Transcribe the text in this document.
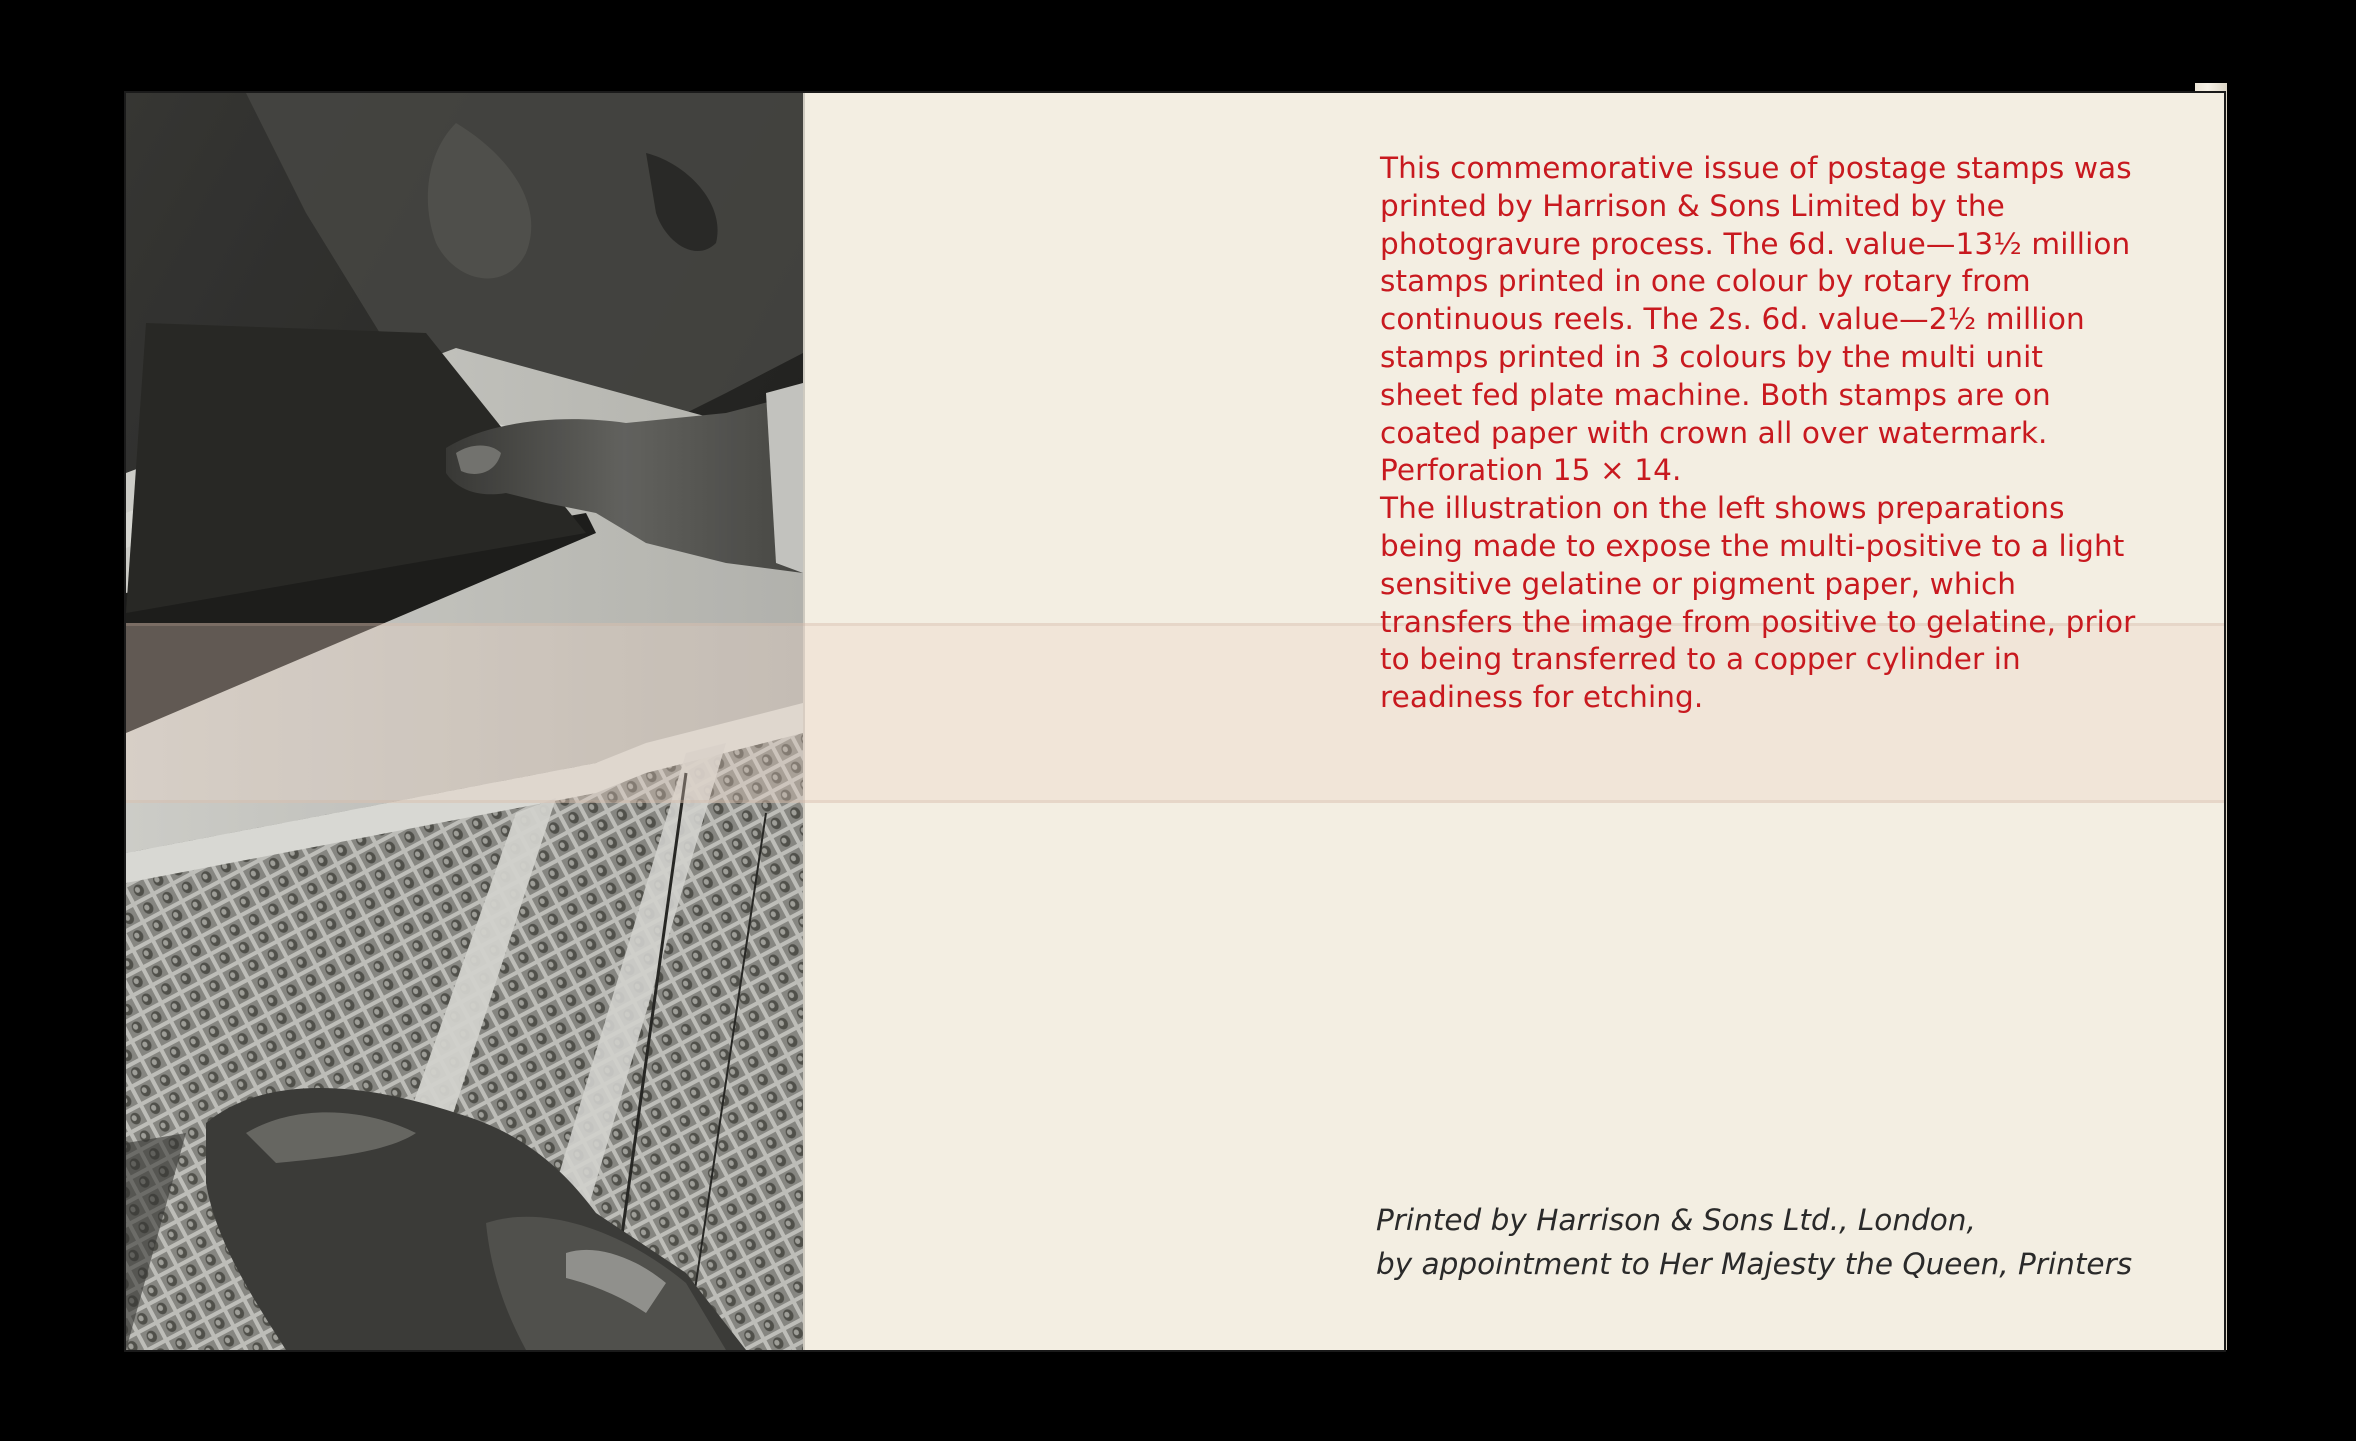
This commemorative issue of postage stamps was

printed by Harrison & Sons Limited by the

photogravure process. The 6d. value—13½ million

stamps printed in one colour by rotary from

continuous reels. The 2s. 6d. value—2½ million

stamps printed in 3 colours by the multi unit

sheet fed plate machine. Both stamps are on

coated paper with crown all over watermark.

Perforation 15 × 14.

The illustration on the left shows preparations

being made to expose the multi-positive to a light

sensitive gelatine or pigment paper, which

transfers the image from positive to gelatine, prior

to being transferred to a copper cylinder in

readiness for etching.

Printed by Harrison & Sons Ltd., London,

by appointment to Her Majesty the Queen, Printers
